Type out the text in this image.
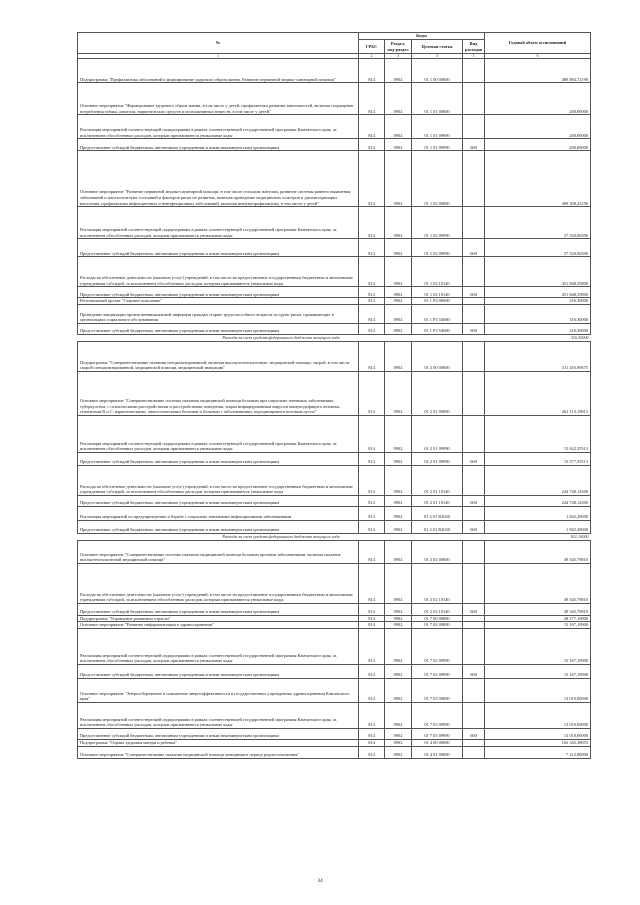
№	Коды				Годовой объем ассигнований
	ГРБС	Раздел, под-раздел	Целевая статья	Вид расходов	
1	2	3	4	5	6
Подпрограмма "Профилактика заболеваний и формирование здорового образа жизни. Развитие первичной медико-санитарной помощи"	814	0902	01 1 00 00000		489 884,72190
Основное мероприятие "Формирование здорового образа жизни, в том числе у детей, профилактика развития зависимостей, включая сокращение потребления табака, алкоголя, наркотических средств и психоактивных веществ, в том числе у детей"	814	0902	01 1 01 00000		200,00000
Реализация мероприятий соответствующей подпрограммы в рамках соответствующей государственной программы Камчатского края, за исключением обособленных расходов, которым присваиваются уникальные коды	814	0902	01 1 01 09990		200,00000
Предоставление субсидий бюджетным, автономным учреждениям и иным некоммерческим организациям	814	0902	01 1 01 09990	600	200,00000
Основное мероприятие "Развитие первичной медико-санитарной помощи, в том числе сельским жителям, развитие системы раннего выявления заболеваний и патологических состояний и факторов риска их развития, включая проведение медицинских осмотров и диспансеризации населения, профилактика инфекционных и неинфекционных заболеваний, включая иммунопрофилактику, в том числе у детей"	814	0902	01 1 02 00000		489 308,42190
Реализация мероприятий соответствующей подпрограммы в рамках соответствующей государственной программы Камчатского края, за исключением обособленных расходов, которым присваиваются уникальные коды	814	0902	01 1 02 09990		37 520,06390
Предоставление субсидий бюджетным, автономным учреждениям и иным некоммерческим организациям	814	0902	01 1 02 09990	600	37 520,06390
Расходы на обеспечение деятельности (оказание услуг) учреждений, в том числе на предоставление государственным бюджетным и автономным учреждениям субсидий, за исключением обособленных расходов, которым присваиваются уникальные коды	814	0902	01 1 02 10140		451 848,35800
Предоставление субсидий бюджетным, автономным учреждениям и иным некоммерческим организациям	814	0902	01 1 02 10140	600	451 848,35800
Региональный проект "Старшее поколение"	814	0902	01 1 P3 00000		316,30000
Проведение вакцинации против пневмококковой инфекции граждан старше трудоспособного возраста из групп риска, проживающих в организациях социального обслуживания	814	0902	01 1 P3 54680		316,30000
Предоставление субсидий бюджетным, автономным учреждениям и иным некоммерческим организациям	814	0902	01 1 P3 54680	600	316,30000
Расходы за счет средств федерального бюджета текущего года					316,30000
Подпрограмма "Совершенствование оказания специализированной, включая высокотехнологичную, медицинской помощи, скорой, в том числе скорой специализированной, медицинской помощи, медицинской эвакуации"	814	0902	01 2 00 00000		311 455,90675
Основное мероприятие "Совершенствование системы оказания медицинской помощи больным при социально-значимых заболеваниях: туберкулезом, с психическими расстройствами и расстройствами поведения, лицам инфицированным вирусом иммунодефицита человека, гепатитами В и С, наркотическими, онкологическими больным и больным с заболеваниями, передающимися половым путем"	814	0902	01 2 01 00000		262 113,19813
Реализация мероприятий соответствующей подпрограммы в рамках соответствующей государственной программы Камчатского края, за исключением обособленных расходов, которым присваиваются уникальные коды	814	0902	01 2 01 09990		15 622,35513
Предоставление субсидий бюджетным, автономным учреждениям и иным некоммерческим организациям	814	0902	01 2 01 09990	600	15 577,35513
Расходы на обеспечение деятельности (оказание услуг) учреждений, в том числе на предоставление государственным бюджетным и автономным учреждениям субсидий, за исключением обособленных расходов, которым присваиваются уникальные коды	814	0902	01 2 01 10140		244 748,14300
Предоставление субсидий бюджетным, автономным учреждениям и иным некоммерческим организациям	814	0902	01 2 01 10140	600	244 748,14300
Реализация мероприятий по предупреждению и борьбе с социально значимыми инфекционными заболеваниями	814	0902	01 2 01 R2020		1 842,20000
Предоставление субсидий бюджетным, автономным учреждениям и иным некоммерческим организациям	814	0902	01 2 01 R2020	600	1 842,20000
Расходы за счет средств федерального бюджета текущего года					921,10000
Основное мероприятие "Совершенствование системы оказания медицинской помощи больным прочими заболеваниями, включая оказание высокотехнологичной медицинской помощи"	814	0902	01 2 02 00000		49 345,79810
Расходы на обеспечение деятельности (оказание услуг) учреждений, в том числе на предоставление государственным бюджетным и автономным учреждениям субсидий, за исключением обособленных расходов, которым присваиваются уникальные коды	814	0902	01 2 02 10140		49 345,79810
Предоставление субсидий бюджетным, автономным учреждениям и иным некоммерческим организациям	814	0902	01 2 02 10140	600	49 345,79810
Подпрограмма "Управление развитием отрасли"	814	0902	01 7 00 00000		28 177,10900
Основное мероприятие "Развитие информатизации в здравоохранении"	814	0902	01 7 02 00000		15 167,10900
Реализация мероприятий соответствующей подпрограммы в рамках соответствующей государственной программы Камчатского края, за исключением обособленных расходов, которым присваиваются уникальные коды	814	0902	01 7 02 09990		15 167,10900
Предоставление субсидий бюджетным, автономным учреждениям и иным некоммерческим организациям	814	0902	01 7 02 09990	600	15 167,10900
Основное мероприятие "Энергосбережение и повышение энергоэффективности в государственных учреждениях здравоохранения Камчатского края"	814	0902	01 7 03 00000		13 010,00000
Реализация мероприятий соответствующей подпрограммы в рамках соответствующей государственной программы Камчатского края, за исключением обособленных расходов, которым присваиваются уникальные коды	814	0902	01 7 03 09990		13 010,00000
Предоставление субсидий бюджетным, автономным учреждениям и иным некоммерческим организациям	814	0902	01 7 03 09990	600	13 010,00000
Подпрограмма "Охрана здоровья матери и ребенка"	814	0902	01 4 00 00000		162 345,38053
Основное мероприятие "Совершенствование оказания медицинской помощи женщинам в период родовспоможения"	814	0902	01 4 01 00000		7 212,80000
34
